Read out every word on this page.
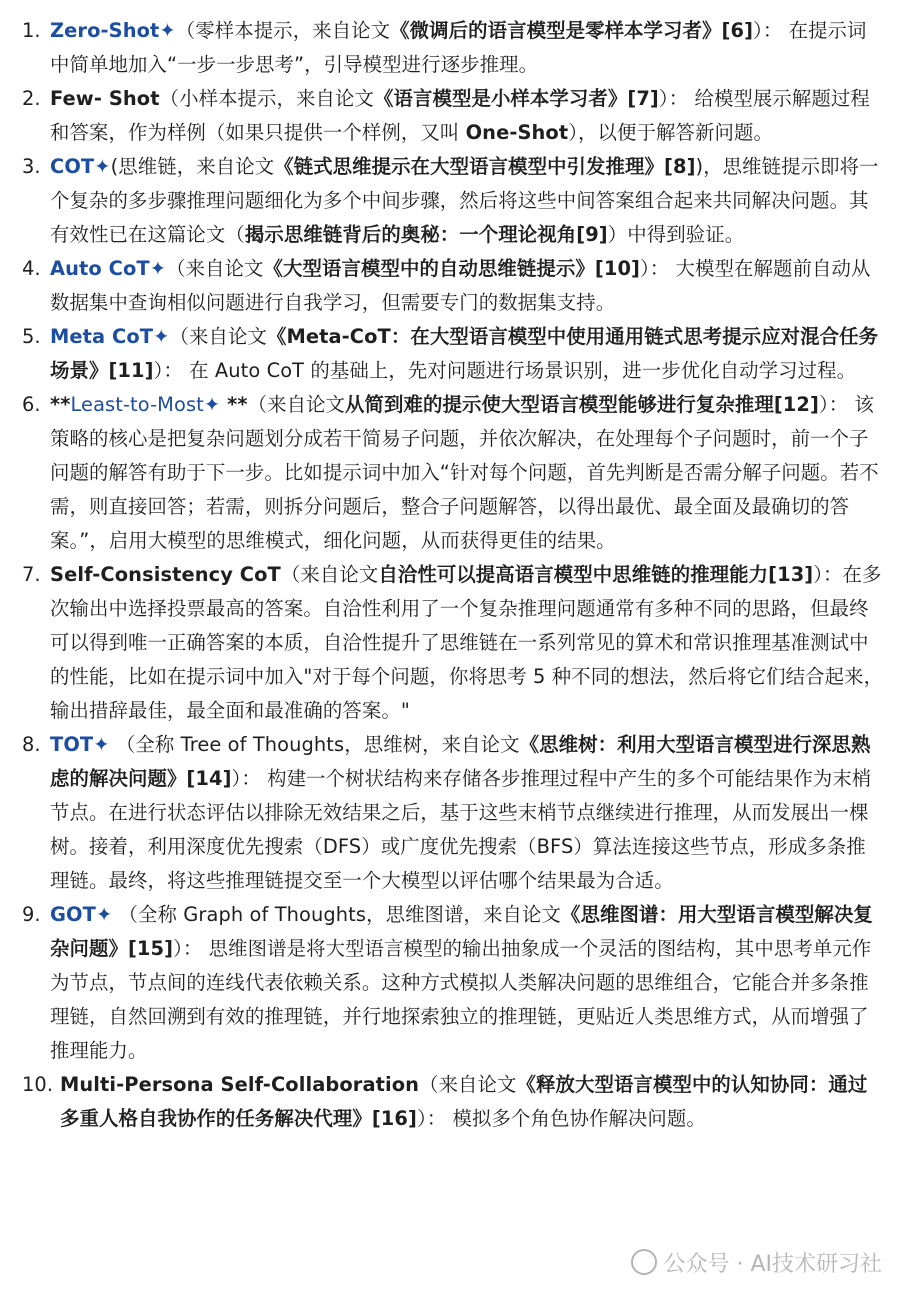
1. Zero-Shot✦（零样本提示，来自论文《微调后的语言模型是零样本学习者》[6]）： 在提示词中简单地加入“一步一步思考”，引导模型进行逐步推理。
2. Few- Shot（小样本提示，来自论文《语言模型是小样本学习者》[7]）： 给模型展示解题过程和答案，作为样例（如果只提供一个样例，又叫 One-Shot），以便于解答新问题。
3. COT✦(思维链，来自论文《链式思维提示在大型语言模型中引发推理》[8])，思维链提示即将一个复杂的多步骤推理问题细化为多个中间步骤，然后将这些中间答案组合起来共同解决问题。其有效性已在这篇论文（揭示思维链背后的奥秘：一个理论视角[9]）中得到验证。
4. Auto CoT✦（来自论文《大型语言模型中的自动思维链提示》[10]）： 大模型在解题前自动从数据集中查询相似问题进行自我学习，但需要专门的数据集支持。
5. Meta CoT✦（来自论文《Meta-CoT：在大型语言模型中使用通用链式思考提示应对混合任务场景》[11]）： 在 Auto CoT 的基础上，先对问题进行场景识别，进一步优化自动学习过程。
6. **Least-to-Most✦ **（来自论文从简到难的提示使大型语言模型能够进行复杂推理[12]）： 该策略的核心是把复杂问题划分成若干简易子问题，并依次解决，在处理每个子问题时，前一个子问题的解答有助于下一步。比如提示词中加入“针对每个问题，首先判断是否需分解子问题。若不需，则直接回答；若需，则拆分问题后，整合子问题解答，以得出最优、最全面及最确切的答案。”，启用大模型的思维模式，细化问题，从而获得更佳的结果。
7. Self-Consistency CoT（来自论文自洽性可以提高语言模型中思维链的推理能力[13]）：在多次输出中选择投票最高的答案。自洽性利用了一个复杂推理问题通常有多种不同的思路，但最终可以得到唯一正确答案的本质，自洽性提升了思维链在一系列常见的算术和常识推理基准测试中的性能，比如在提示词中加入"对于每个问题，你将思考 5 种不同的想法，然后将它们结合起来，输出措辞最佳，最全面和最准确的答案。"
8. TOT✦ （全称 Tree of Thoughts，思维树，来自论文《思维树：利用大型语言模型进行深思熟虑的解决问题》[14]）： 构建一个树状结构来存储各步推理过程中产生的多个可能结果作为末梢节点。在进行状态评估以排除无效结果之后，基于这些末梢节点继续进行推理，从而发展出一棵树。接着，利用深度优先搜索（DFS）或广度优先搜索（BFS）算法连接这些节点，形成多条推理链。最终，将这些推理链提交至一个大模型以评估哪个结果最为合适。
9. GOT✦ （全称 Graph of Thoughts，思维图谱，来自论文《思维图谱：用大型语言模型解决复杂问题》[15]）： 思维图谱是将大型语言模型的输出抽象成一个灵活的图结构，其中思考单元作为节点，节点间的连线代表依赖关系。这种方式模拟人类解决问题的思维组合，它能合并多条推理链，自然回溯到有效的推理链，并行地探索独立的推理链，更贴近人类思维方式，从而增强了推理能力。
10. Multi-Persona Self-Collaboration（来自论文《释放大型语言模型中的认知协同：通过多重人格自我协作的任务解决代理》[16]）： 模拟多个角色协作解决问题。
公众号 · AI技术研习社
